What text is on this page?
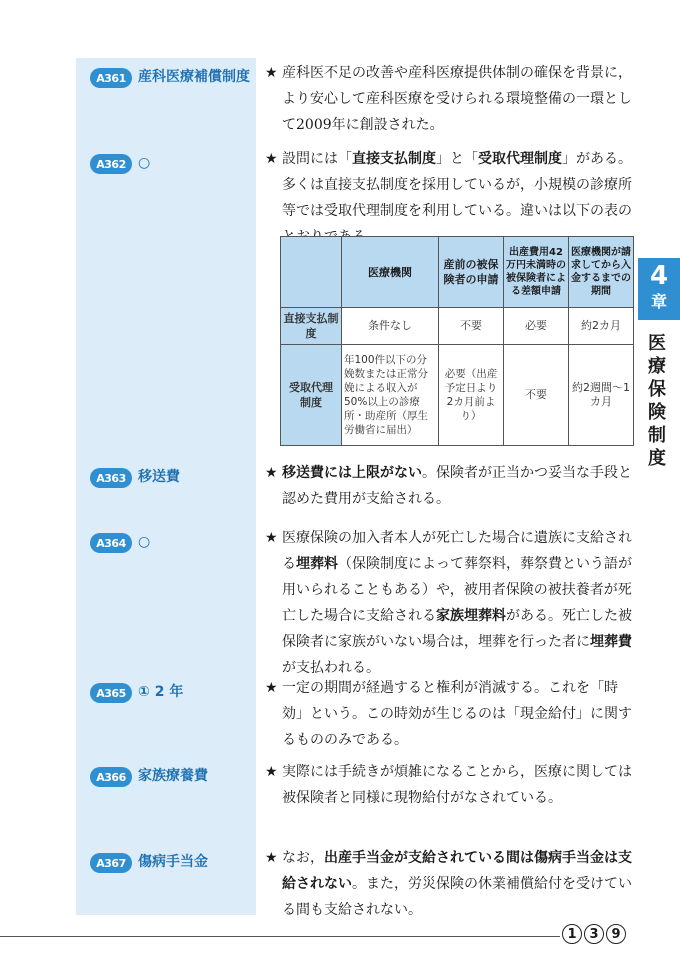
A361 産科医療補償制度	★ 産科医不足の改善や産科医療提供体制の確保を背景に，より安心して産科医療を受けられる環境整備の一環として2009年に創設された。

A362 ○	★ 設問には「直接支払制度」と「受取代理制度」がある。多くは直接支払制度を採用しているが，小規模の診療所等では受取代理制度を利用している。違いは以下の表の

	医療機関	産前の被保険者の申請	出産費用42万円未満時の被保険者による差額申請	医療機関が請求してから入金するまでの期間
直接支払制度	条件なし	不要	必要	約2カ月
受取代理制度	年100件以下の分娩数または正常分娩による収入が50%以上の診療所・助産所（厚生労働省に届出）	必要（出産予定日より2カ月前より）	不要	約2週間〜1カ月
A363 移送費	★ 移送費には上限がない。保険者が正当かつ妥当な手段と認めた費用が支給される。

A364 ○	★ 医療保険の加入者本人が死亡した場合に遺族に支給される埋葬料（保険制度によって葬祭料，葬祭費という語が用いられることもある）や，被用者保険の被扶養者が死亡した場合に支給される家族埋葬料がある。死亡した被保険者に家族がいない場合は，埋葬を行った者に埋葬費が支払われる。

A365 ① 2 年	★ 一定の期間が経過すると権利が消滅する。これを「時効」という。この時効が生じるのは「現金給付」に関するもののみである。

A366 家族療養費	★ 実際には手続きが煩雑になることから，医療に関しては被保険者と同様に現物給付がなされている。

A367 傷病手当金	★ なお，出産手当金が支給されている間は傷病手当金は支給されない。また，労災保険の休業補償給付を受けている間も支給されない。

4
章
医療保険制度
1 3 9
